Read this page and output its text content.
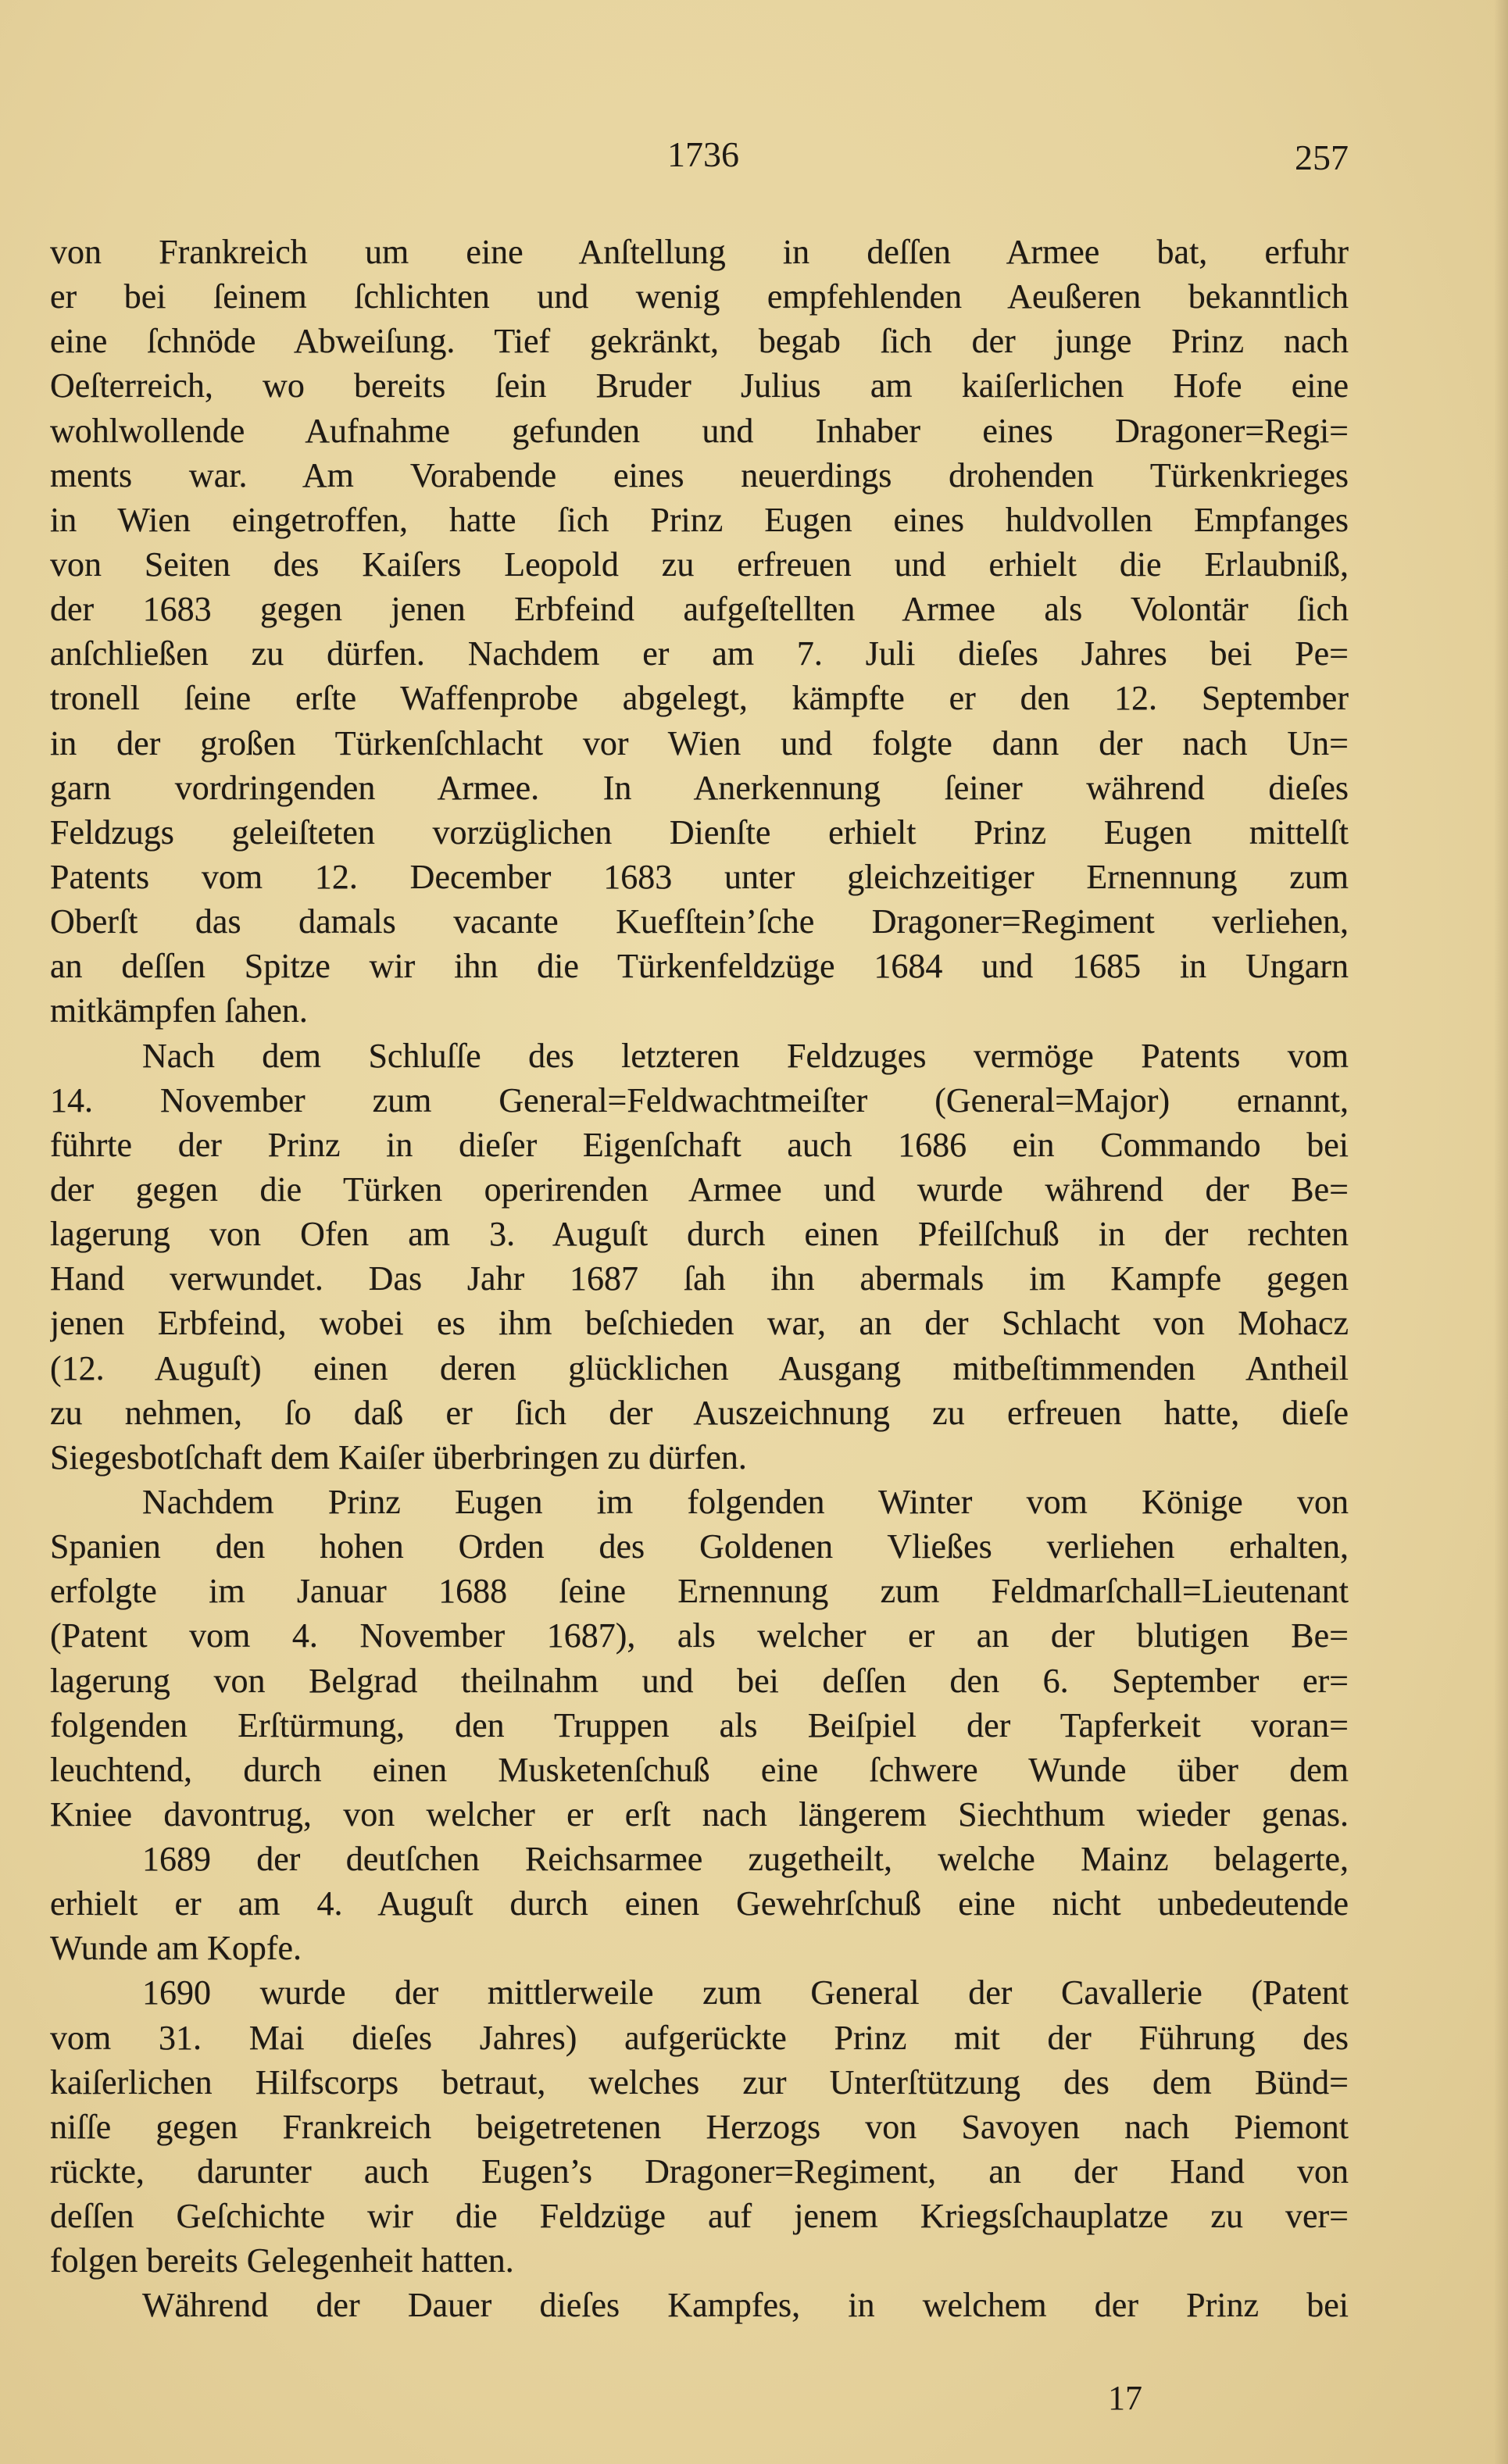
1736	257
von Frankreich um eine Anſtellung in deſſen Armee bat, erfuhr
er bei ſeinem ſchlichten und wenig empfehlenden Aeußeren bekanntlich
eine ſchnöde Abweiſung. Tief gekränkt, begab ſich der junge Prinz nach
Oeſterreich, wo bereits ſein Bruder Julius am kaiſerlichen Hofe eine
wohlwollende Aufnahme gefunden und Inhaber eines Dragoner=Regi=
ments war. Am Vorabende eines neuerdings drohenden Türkenkrieges
in Wien eingetroffen, hatte ſich Prinz Eugen eines huldvollen Empfanges
von Seiten des Kaiſers Leopold zu erfreuen und erhielt die Erlaubniß,
der 1683 gegen jenen Erbfeind aufgeſtellten Armee als Volontär ſich
anſchließen zu dürfen. Nachdem er am 7. Juli dieſes Jahres bei Pe=
tronell ſeine erſte Waffenprobe abgelegt, kämpfte er den 12. September
in der großen Türkenſchlacht vor Wien und folgte dann der nach Un=
garn vordringenden Armee. In Anerkennung ſeiner während dieſes
Feldzugs geleiſteten vorzüglichen Dienſte erhielt Prinz Eugen mittelſt
Patents vom 12. December 1683 unter gleichzeitiger Ernennung zum
Oberſt das damals vacante Kuefſtein’ſche Dragoner=Regiment verliehen,
an deſſen Spitze wir ihn die Türkenfeldzüge 1684 und 1685 in Ungarn
mitkämpfen ſahen.
Nach dem Schluſſe des letzteren Feldzuges vermöge Patents vom
14. November zum General=Feldwachtmeiſter (General=Major) ernannt,
führte der Prinz in dieſer Eigenſchaft auch 1686 ein Commando bei
der gegen die Türken operirenden Armee und wurde während der Be=
lagerung von Ofen am 3. Auguſt durch einen Pfeilſchuß in der rechten
Hand verwundet. Das Jahr 1687 ſah ihn abermals im Kampfe gegen
jenen Erbfeind, wobei es ihm beſchieden war, an der Schlacht von Mohacz
(12. Auguſt) einen deren glücklichen Ausgang mitbeſtimmenden Antheil
zu nehmen, ſo daß er ſich der Auszeichnung zu erfreuen hatte, dieſe
Siegesbotſchaft dem Kaiſer überbringen zu dürfen.
Nachdem Prinz Eugen im folgenden Winter vom Könige von
Spanien den hohen Orden des Goldenen Vließes verliehen erhalten,
erfolgte im Januar 1688 ſeine Ernennung zum Feldmarſchall=Lieutenant
(Patent vom 4. November 1687), als welcher er an der blutigen Be=
lagerung von Belgrad theilnahm und bei deſſen den 6. September er=
folgenden Erſtürmung, den Truppen als Beiſpiel der Tapferkeit voran=
leuchtend, durch einen Musketenſchuß eine ſchwere Wunde über dem
Kniee davontrug, von welcher er erſt nach längerem Siechthum wieder genas.
1689 der deutſchen Reichsarmee zugetheilt, welche Mainz belagerte,
erhielt er am 4. Auguſt durch einen Gewehrſchuß eine nicht unbedeutende
Wunde am Kopfe.
1690 wurde der mittlerweile zum General der Cavallerie (Patent
vom 31. Mai dieſes Jahres) aufgerückte Prinz mit der Führung des
kaiſerlichen Hilfscorps betraut, welches zur Unterſtützung des dem Bünd=
niſſe gegen Frankreich beigetretenen Herzogs von Savoyen nach Piemont
rückte, darunter auch Eugen’s Dragoner=Regiment, an der Hand von
deſſen Geſchichte wir die Feldzüge auf jenem Kriegsſchauplatze zu ver=
folgen bereits Gelegenheit hatten.
Während der Dauer dieſes Kampfes, in welchem der Prinz bei
17
